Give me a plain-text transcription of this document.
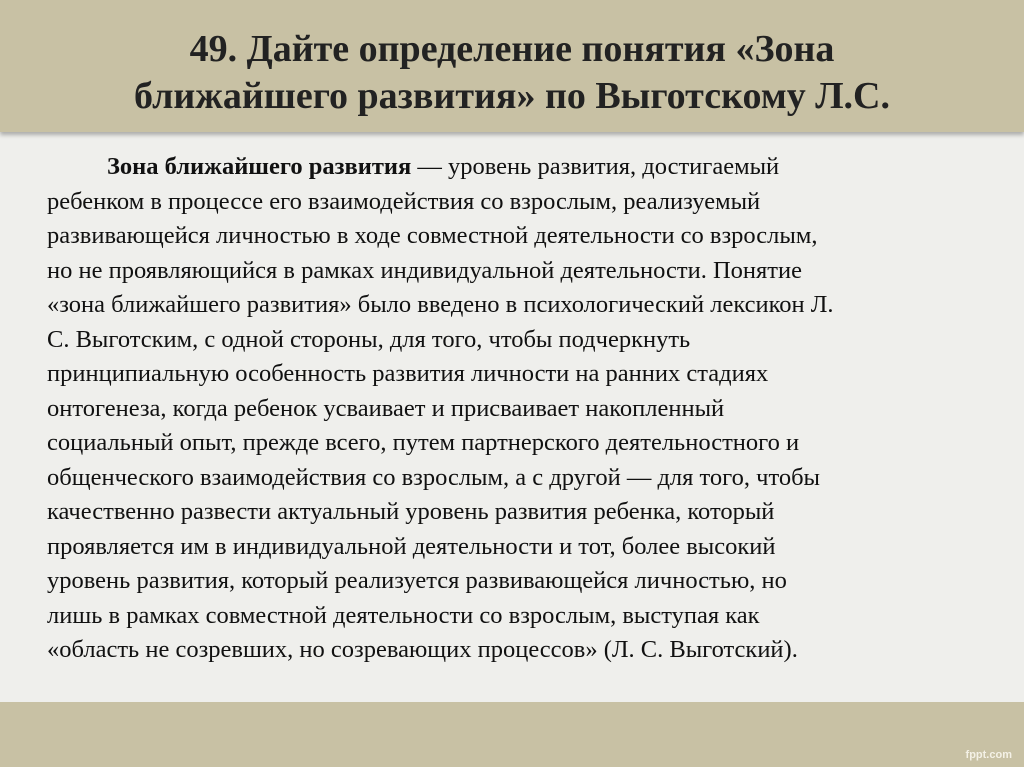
49. Дайте определение понятия «Зона
ближайшего развития» по Выготскому Л.С.
Зона ближайшего развития — уровень развития, достигаемый
ребенком в процессе его взаимодействия со взрослым, реализуемый
развивающейся личностью в ходе совместной деятельности со взрослым,
но не проявляющийся в рамках индивидуальной деятельности. Понятие
«зона ближайшего развития» было введено в психологический лексикон Л.
С. Выготским, с одной стороны, для того, чтобы подчеркнуть
принципиальную особенность развития личности на ранних стадиях
онтогенеза, когда ребенок усваивает и присваивает накопленный
социальный опыт, прежде всего, путем партнерского деятельностного и
общенческого взаимодействия со взрослым, а с другой — для того, чтобы
качественно развести актуальный уровень развития ребенка, который
проявляется им в индивидуальной деятельности и тот, более высокий
уровень развития, который реализуется развивающейся личностью, но
лишь в рамках совместной деятельности со взрослым, выступая как
«область не созревших, но созревающих процессов» (Л. С. Выготский).
fppt.com
